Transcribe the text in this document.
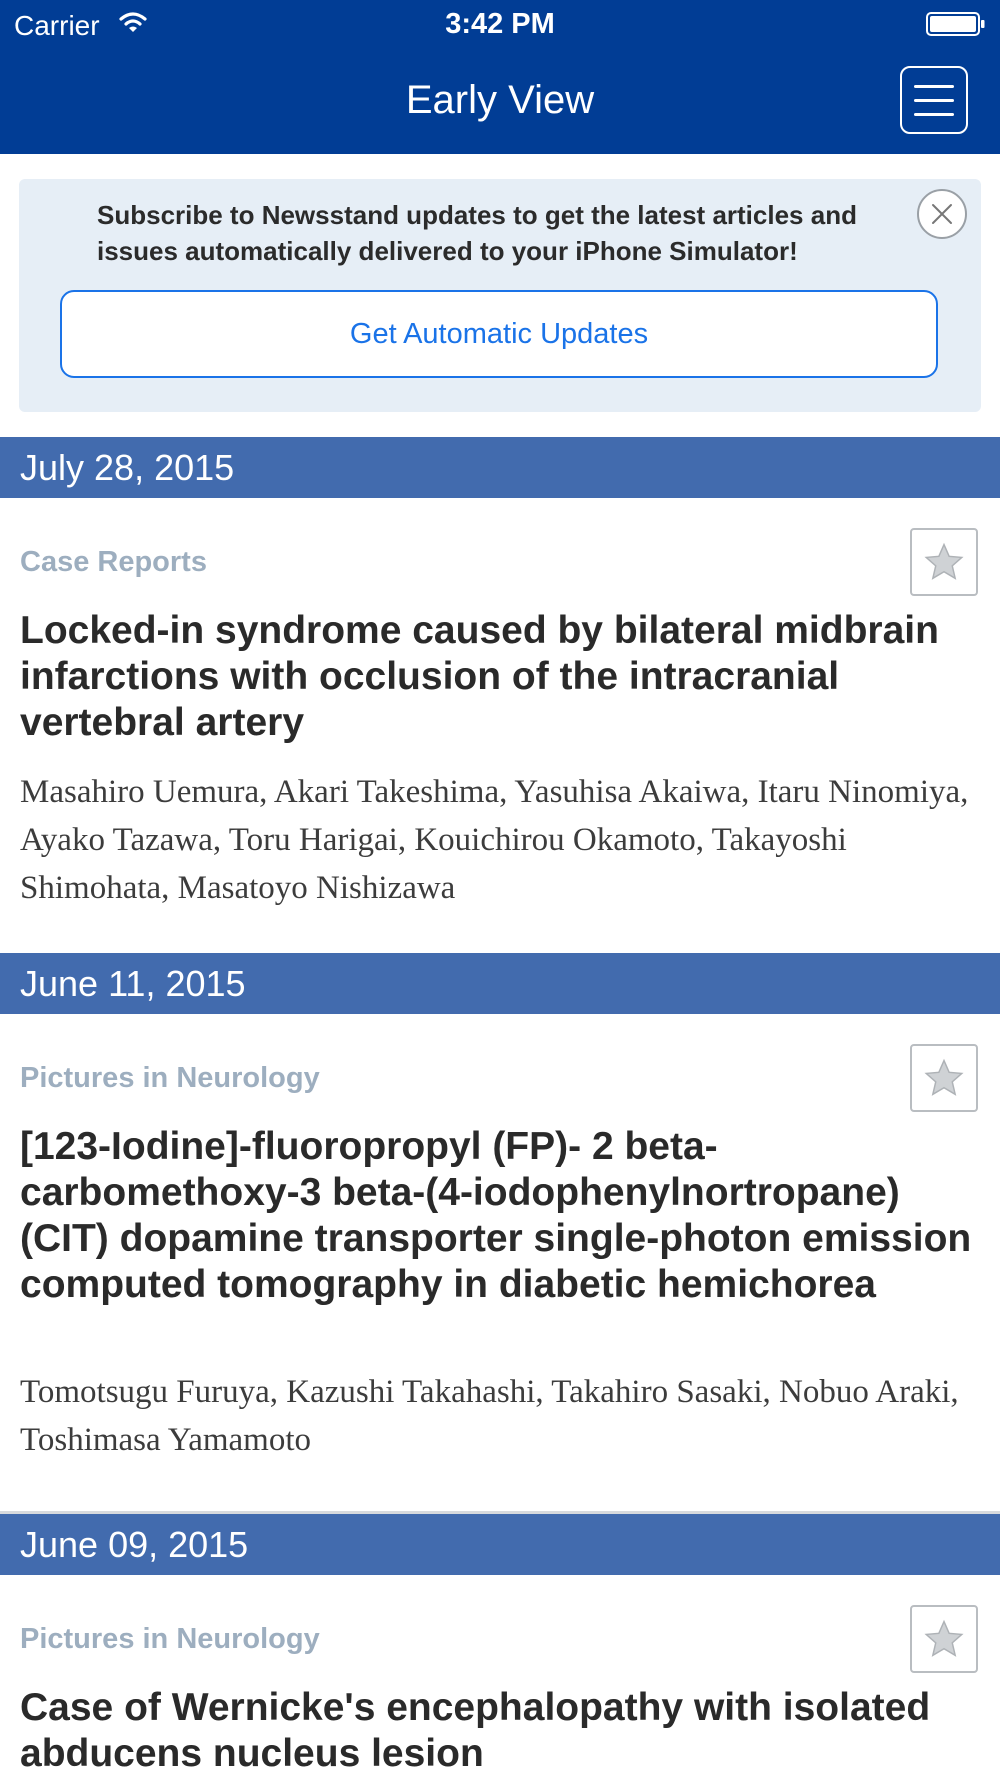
Carrier	3:42 PM
Early View
Subscribe to Newsstand updates to get the latest articles and issues automatically delivered to your iPhone Simulator!
Get Automatic Updates
July 28, 2015
Case Reports
Locked-in syndrome caused by bilateral midbrain infarctions with occlusion of the intracranial vertebral artery
Masahiro Uemura, Akari Takeshima, Yasuhisa Akaiwa, Itaru Ninomiya, Ayako Tazawa, Toru Harigai, Kouichirou Okamoto, Takayoshi Shimohata, Masatoyo Nishizawa
June 11, 2015
Pictures in Neurology
[123-Iodine]-fluoropropyl (FP)- 2 beta-carbomethoxy-3 beta-(4-iodophenylnortropane) (CIT) dopamine transporter single-photon emission computed tomography in diabetic hemichorea
Tomotsugu Furuya, Kazushi Takahashi, Takahiro Sasaki, Nobuo Araki, Toshimasa Yamamoto
June 09, 2015
Pictures in Neurology
Case of Wernicke's encephalopathy with isolated abducens nucleus lesion
